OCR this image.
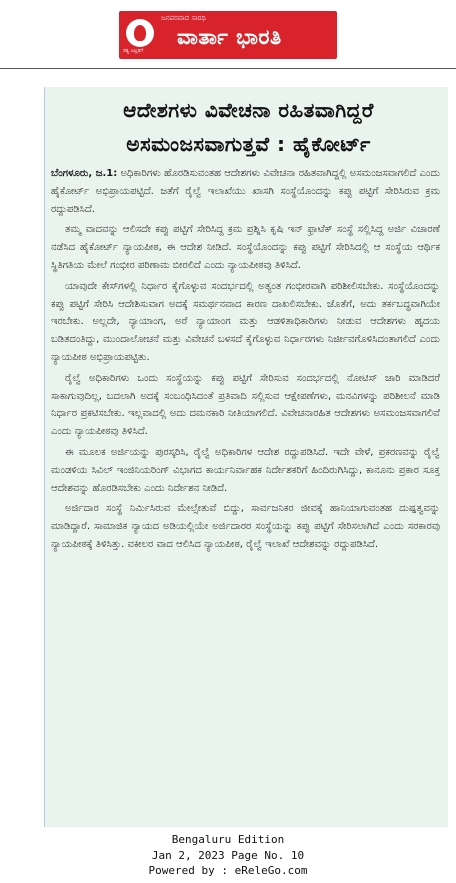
ಜನಪರವಾದ ಸಾರಥಿ
ವಾರ್ತಾ ಭಾರತಿ
ಸತ್ಯ ಎಲ್ಲರಿಗೆ
ಆದೇಶಗಳು ವಿವೇಚನಾ ರಹಿತವಾಗಿದ್ದರೆ ಅಸಮಂಜಸವಾಗುತ್ತವೆ : ಹೈಕೋರ್ಟ್

ಬೆಂಗಳೂರು, ಜ.1: ಅಧಿಕಾರಿಗಳು ಹೊರಡಿಸುವಂತಹ ಆದೇಶಗಳು ವಿವೇಚನಾ ರಹಿತವಾಗಿದ್ದಲ್ಲಿ ಅಸಮಂಜಸವಾಗಲಿದೆ ಎಂದು ಹೈಕೋರ್ಟ್ ಅಭಿಪ್ರಾಯಪಟ್ಟಿದೆ. ಜತೆಗೆ ರೈಲ್ವೆ ಇಲಾಖೆಯು ಖಾಸಗಿ ಸಂಸ್ಥೆಯೊಂದನ್ನು ಕಪ್ಪು ಪಟ್ಟಿಗೆ ಸೇರಿಸಿರುವ ಕ್ರಮ ರದ್ದುಪಡಿಸಿದೆ.

ತಮ್ಮ ವಾದವನ್ನು ಆಲಿಸದೇ ಕಪ್ಪು ಪಟ್ಟಿಗೆ ಸೇರಿಸಿದ್ದ ಕ್ರಮ ಪ್ರಶ್ನಿಸಿ ಕೃಷಿ ಇನ್ ಫ್ರಾಟೆಕ್ ಸಂಸ್ಥೆ ಸಲ್ಲಿಸಿದ್ದ ಅರ್ಜಿ ವಿಚಾರಣೆ ನಡೆಸಿದ ಹೈಕೋರ್ಟ್ ನ್ಯಾಯಪೀಠ, ಈ ಆದೇಶ ನೀಡಿದೆ. ಸಂಸ್ಥೆಯೊಂದನ್ನು ಕಪ್ಪು ಪಟ್ಟಿಗೆ ಸೇರಿಸಿದಲ್ಲಿ ಆ ಸಂಸ್ಥೆಯ ಆರ್ಥಿಕ ಸ್ಥಿತಿಗತಿಯ ಮೇಲೆ ಗಂಭೀರ ಪರಿಣಾಮ ಬೀರಲಿದೆ ಎಂದು ನ್ಯಾಯಪೀಠವು ತಿಳಿಸಿದೆ.

ಯಾವುದೇ ಕೇಸ್‌ಗಳಲ್ಲಿ ನಿರ್ಧಾರ ಕೈಗೊಳ್ಳುವ ಸಂದರ್ಭದಲ್ಲಿ ಅತ್ಯಂತ ಗಂಭೀರವಾಗಿ ಪರಿಶೀಲಿಸಬೇಕು. ಸಂಸ್ಥೆಯೊಂದನ್ನು ಕಪ್ಪು ಪಟ್ಟಿಗೆ ಸೇರಿಸಿ ಆದೇಶಿಸುವಾಗ ಅದಕ್ಕೆ ಸಮರ್ಥನವಾದ ಕಾರಣ ದಾಖಲಿಸಬೇಕು. ಜೊತೆಗೆ, ಅದು ತರ್ಕಬದ್ಧವಾಗಿಯೇ ಇರಬೇಕು. ಅಲ್ಲದೇ, ನ್ಯಾಯಾಂಗ, ಅರೆ ನ್ಯಾಯಾಂಗ ಮತ್ತು ಆಡಳಿತಾಧಿಕಾರಿಗಳು ನೀಡುವ ಆದೇಶಗಳು ಹೃದಯ ಬಡಿತದಂತಿದ್ದು, ಮುಂದಾಲೋಚನೆ ಮತ್ತು ವಿವೇಚನೆ ಬಳಸದೆ ಕೈಗೊಳ್ಳುವ ನಿರ್ಧಾರಗಳು ನಿರ್ಜೀವಗೊಳಿಸಿದಂತಾಗಲಿದೆ ಎಂದು ನ್ಯಾಯಪೀಠ ಅಭಿಪ್ರಾಯಪಟ್ಟಿತು.

ರೈಲ್ವೆ ಅಧಿಕಾರಿಗಳು ಒಂದು ಸಂಸ್ಥೆಯನ್ನು ಕಪ್ಪು ಪಟ್ಟಿಗೆ ಸೇರಿಸುವ ಸಂದರ್ಭದಲ್ಲಿ ನೋಟಿಸ್ ಜಾರಿ ಮಾಡಿದರೆ ಸಾಕಾಗುವುದಿಲ್ಲ, ಬದಲಾಗಿ ಅದಕ್ಕೆ ಸಂಬಂಧಿಸಿದಂತೆ ಪ್ರತಿವಾದಿ ಸಲ್ಲಿಸುವ ಆಕ್ಷೇಪಣೆಗಳು, ಮನವಿಗಳನ್ನು ಪರಿಶೀಲನೆ ಮಾಡಿ ನಿರ್ಧಾರ ಪ್ರಕಟಿಸಬೇಕು. ಇಲ್ಲವಾದಲ್ಲಿ ಅದು ದಮನಕಾರಿ ನೀತಿಯಾಗಲಿದೆ. ವಿವೇಚನಾರಹಿತ ಆದೇಶಗಳು ಅಸಮಂಜಸವಾಗಲಿವೆ ಎಂದು ನ್ಯಾಯಪೀಠವು ತಿಳಿಸಿದೆ.

ಈ ಮೂಲಕ ಅರ್ಜಿಯನ್ನು ಪುರಸ್ಕರಿಸಿ, ರೈಲ್ವೆ ಅಧಿಕಾರಿಗಳ ಆದೇಶ ರದ್ದುಪಡಿಸಿದೆ. ಇದೇ ವೇಳೆ, ಪ್ರಕರಣವನ್ನು ರೈಲ್ವೆ ಮಂಡಳಿಯ ಸಿವಿಲ್ ಇಂಜಿನಿಯರಿಂಗ್ ವಿಭಾಗದ ಕಾರ್ಯನಿರ್ವಾಹಕ ನಿರ್ದೇಶಕರಿಗೆ ಹಿಂದಿರುಗಿಸಿದ್ದು, ಕಾನೂನು ಪ್ರಕಾರ ಸೂಕ್ತ ಆದೇಶವನ್ನು ಹೊರಡಿಸಬೇಕು ಎಂದು ನಿರ್ದೇಶನ ನೀಡಿದೆ.

ಅರ್ಜಿದಾರ ಸಂಸ್ಥೆ ನಿರ್ಮಿಸಿರುವ ಮೇಲ್ಸೇತುವೆ ಬಿದ್ದು, ಸಾರ್ವಜನಿಕರ ಜೀವಕ್ಕೆ ಹಾನಿಯಾಗುವಂತಹ ದುಷ್ಪತ್ವವನ್ನು ಮಾಡಿದ್ದಾರೆ. ಸಾಮಾಜಿಕ ನ್ಯಾಯದ ಅಡಿಯಲ್ಲಿಯೇ ಅರ್ಜಿದಾರರ ಸಂಸ್ಥೆಯನ್ನು ಕಪ್ಪು ಪಟ್ಟಿಗೆ ಸೇರಿಸಲಾಗಿದೆ ಎಂದು ಸರಕಾರವು ನ್ಯಾಯಪೀಠಕ್ಕೆ ತಿಳಿಸಿತ್ತು. ವಕೀಲರ ವಾದ ಆಲಿಸಿದ ನ್ಯಾಯಪೀಠ, ರೈಲ್ವೆ ಇಲಾಖೆ ಆದೇಶವನ್ನು ರದ್ದುಪಡಿಸಿದೆ.

Bengaluru Edition
Jan 2, 2023 Page No. 10
Powered by : eReleGo.com
